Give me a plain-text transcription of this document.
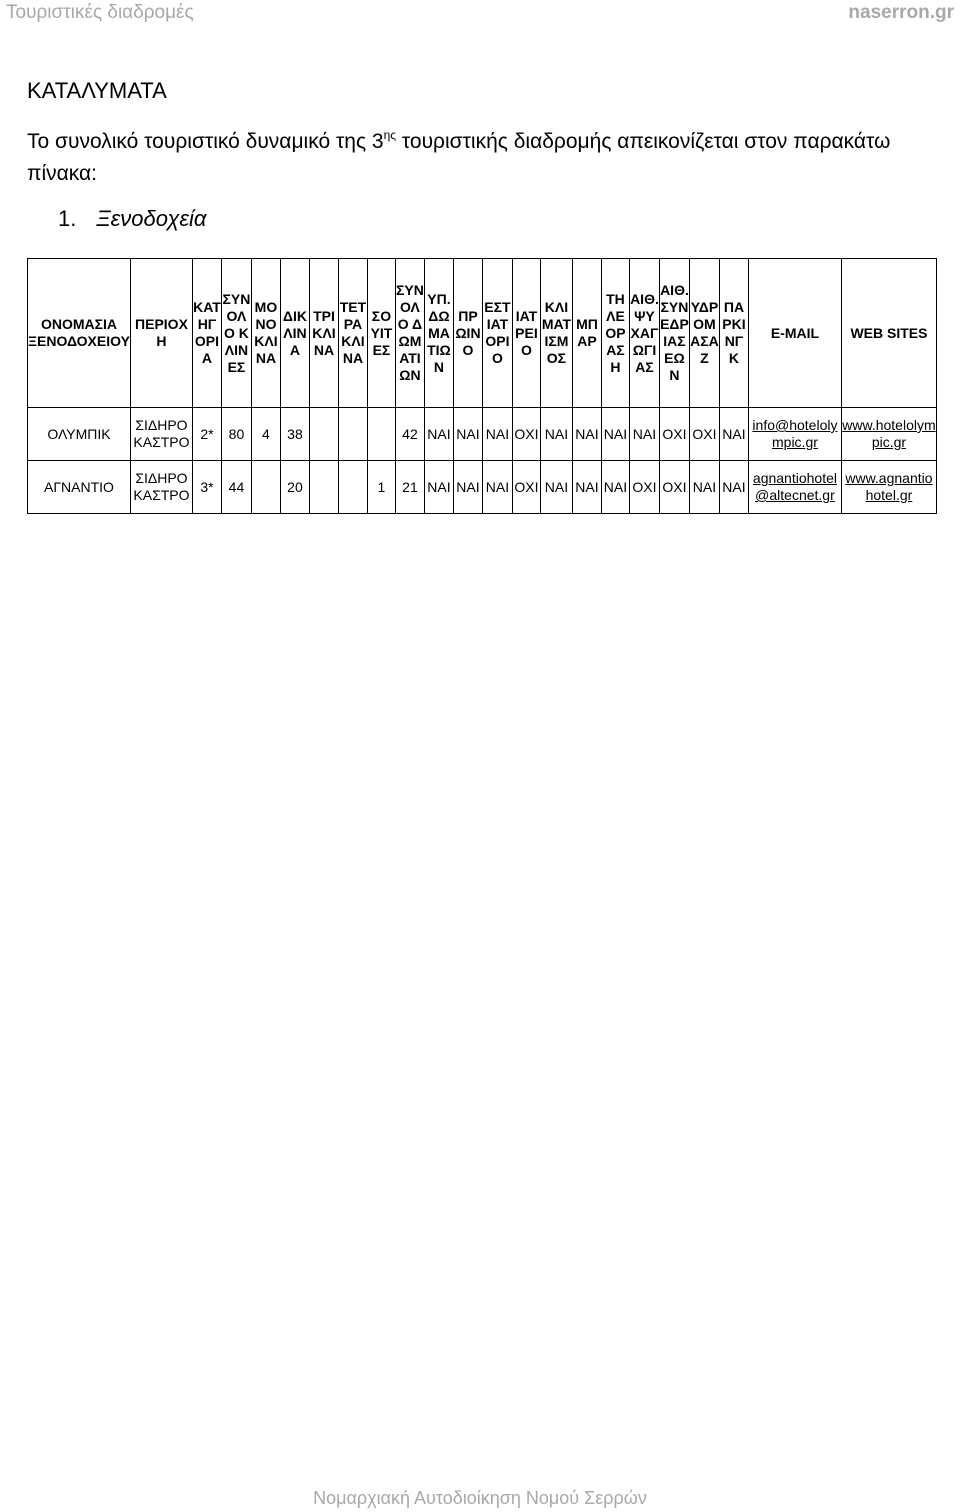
Τουριστικές διαδρομές	naserron.gr
ΚΑΤΑΛΥΜΑΤΑ
Το συνολικό τουριστικό δυναμικό της $3^{\eta\varsigma}$ τουριστικής διαδρομής απεικονίζεται στον παρακάτω πίνακα:
1. Ξενοδοχεία
ΟΝΟΜΑΣΙΑ ΞΕΝΟΔΟΧΕΙΟΥ	ΠΕΡΙΟΧΗ	ΚΑΤΗΓΟΡΙΑ	ΣΥΝΟΛΟ ΚΛΙΝΕΣ	ΜΟΝΟΚΛΙΝΑ	ΔΙΚΛΙΝΑ	ΤΡΙΚΛΙΝΑ	ΤΕΤΡΑΚΛΙΝΑ	ΣΟΥΙΤΕΣ	ΣΥΝΟΛΟ ΔΩΜΑΤΙΩΝ	ΥΠ. ΔΩΜΑΤΙΩΝ	ΠΡΩΙΝΟ	ΕΣΤΙΑΤΟΡΙΟ	ΙΑΤΡΕΙΟ	ΚΛΙΜΑΤΙΣΜΟΣ	ΜΠΑΡ	ΤΗΛΕΟΡΑΣΗ	ΑΙΘ. ΨΥΧΑΓΩΓΙΑΣ	ΑΙΘ. ΣΥΝΕΔΡΙΑΣΕΩΝ	ΥΔΡΟΜΑΣΑΖ	ΠΑΡΚΙΝΓΚ	E-MAIL	WEB SITES
ΟΛΥΜΠΙΚ	ΣΙΔΗΡΟΚΑΣΤΡΟ	2*	80	4	38				42	ΝΑΙ	ΝΑΙ	ΝΑΙ	ΟΧΙ	ΝΑΙ	ΝΑΙ	ΝΑΙ	ΝΑΙ	ΟΧΙ	ΟΧΙ	ΝΑΙ	info@hotelolympic.gr	www.hotelolympic.gr
ΑΓΝΑΝΤΙΟ	ΣΙΔΗΡΟΚΑΣΤΡΟ	3*	44		20			1	21	ΝΑΙ	ΝΑΙ	ΝΑΙ	ΟΧΙ	ΝΑΙ	ΝΑΙ	ΝΑΙ	ΟΧΙ	ΟΧΙ	ΝΑΙ	ΝΑΙ	agnantiohotel@altecnet.gr	www.agnantiohotel.gr
Νομαρχιακή Αυτοδιοίκηση Νομού Σερρών
